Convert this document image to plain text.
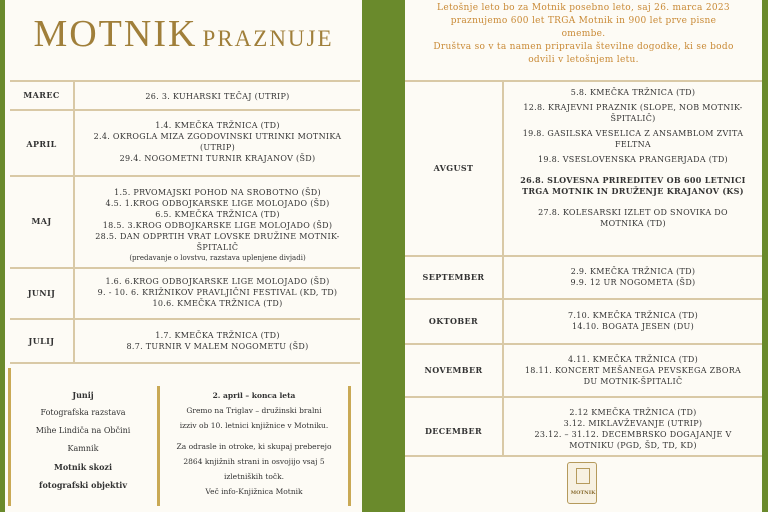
MOTNIK PRAZNUJE
MAREC	26. 3. KUHARSKI TEČAJ (UTRIP)
APRIL
1.4. KMEČKA TRŽNICA (TD)
2.4. OKROGLA MIZA ZGODOVINSKI UTRINKI MOTNIKA
(UTRIP)
29.4. NOGOMETNI TURNIR KRAJANOV (ŠD)
MAJ
1.5. PRVOMAJSKI POHOD NA SROBOTNO (ŠD)
4.5. 1.KROG ODBOJKARSKE LIGE MOLOJADO (ŠD)
6.5. KMEČKA TRŽNICA (TD)
18.5. 3.KROG ODBOJKARSKE LIGE MOLOJADO (ŠD)
28.5. DAN ODPRTIH VRAT LOVSKE DRUŽINE MOTNIK-
ŠPITALIČ
(predavanje o lovstvu, razstava uplenjene divjadi)
JUNIJ
1.6. 6.KROG ODBOJKARSKE LIGE MOLOJADO (ŠD)
9. - 10. 6. KRIŽNIKOV PRAVLJIČNI FESTIVAL (KD, TD)
10.6. KMEČKA TRŽNICA (TD)
JULIJ
1.7. KMEČKA TRŽNICA (TD)
8.7. TURNIR V MALEM NOGOMETU (ŠD)
Junij
Fotografska razstava
Mihe Lindiča na Občini
Kamnik
Motnik skozi
fotografski objektiv
2. april – konca leta
Gremo na Triglav – družinski bralni
izziv ob 10. letnici knjižnice v Motniku.
Za odrasle in otroke, ki skupaj preberejo
2864 knjižnih strani in osvojijo vsaj 5
izletniških točk.
Več info-Knjižnica Motnik
Letošnje leto bo za Motnik posebno leto, saj 26. marca 2023
praznujemo 600 let TRGA Motnik in 900 let prve pisne
omembe.
Društva so v ta namen pripravila številne dogodke, ki se bodo
odvili v letošnjem letu.
AVGUST
5.8. KMEČKA TRŽNICA (TD)
12.8. KRAJEVNI PRAZNIK (SLOPE, NOB MOTNIK-
ŠPITALIČ)
19.8. GASILSKA VESELICA Z ANSAMBLOM ZVITA
FELTNA
19.8. VSESLOVENSKA PRANGERJADA (TD)
26.8. SLOVESNA PRIREDITEV OB 600 LETNICI
TRGA MOTNIK IN DRUŽENJE KRAJANOV (KS)
27.8. KOLESARSKI IZLET OD SNOVIKA DO
MOTNIKA (TD)
SEPTEMBER
2.9. KMEČKA TRŽNICA (TD)
9.9. 12 UR NOGOMETA (ŠD)
OKTOBER
7.10. KMEČKA TRŽNICA (TD)
14.10. BOGATA JESEN (DU)
NOVEMBER
4.11. KMEČKA TRŽNICA (TD)
18.11. KONCERT MEŠANEGA PEVSKEGA ZBORA
DU MOTNIK-ŠPITALIČ
DECEMBER
2.12 KMEČKA TRŽNICA (TD)
3.12. MIKLAVŽEVANJE (UTRIP)
23.12. – 31.12. DECEMBRSKO DOGAJANJE V
MOTNIKU (PGD, ŠD, TD, KD)
MOTNIK
